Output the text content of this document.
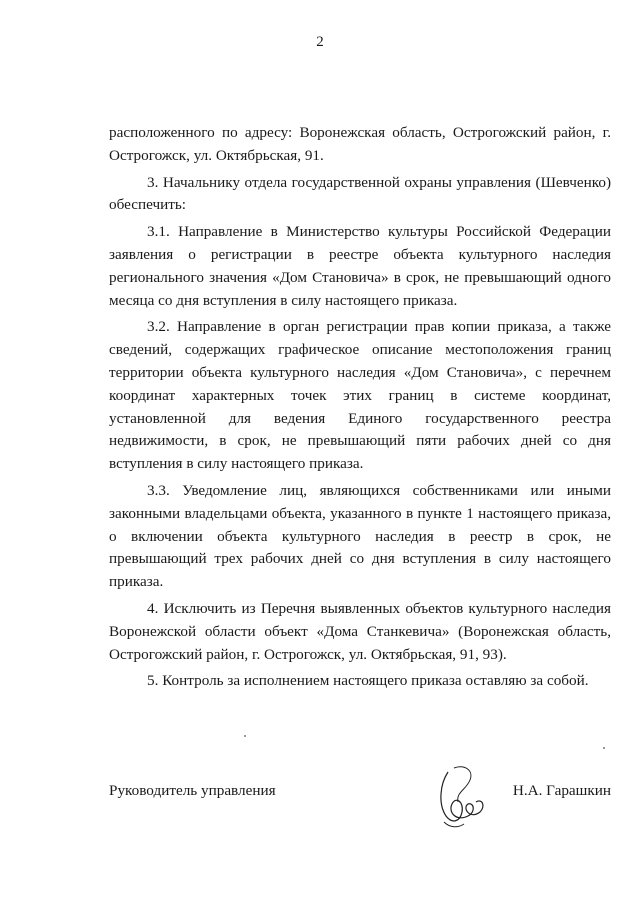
2

расположенного по адресу: Воронежская область, Острогожский район, г. Острогожск, ул. Октябрьская, 91.

3. Начальнику отдела государственной охраны управления (Шевченко) обеспечить:

3.1. Направление в Министерство культуры Российской Федерации заявления о регистрации в реестре объекта культурного наследия регионального значения «Дом Становича» в срок, не превышающий одного месяца со дня вступления в силу настоящего приказа.

3.2. Направление в орган регистрации прав копии приказа, а также сведений, содержащих графическое описание местоположения границ территории объекта культурного наследия «Дом Становича», с перечнем координат характерных точек этих границ в системе координат, установленной для ведения Единого государственного реестра недвижимости, в срок, не превышающий пяти рабочих дней со дня вступления в силу настоящего приказа.

3.3. Уведомление лиц, являющихся собственниками или иными законными владельцами объекта, указанного в пункте 1 настоящего приказа, о включении объекта культурного наследия в реестр в срок, не превышающий трех рабочих дней со дня вступления в силу настоящего приказа.

4. Исключить из Перечня выявленных объектов культурного наследия Воронежской области объект «Дома Станкевича» (Воронежская область, Острогожский район, г. Острогожск, ул. Октябрьская, 91, 93).

5. Контроль за исполнением настоящего приказа оставляю за собой.

Руководитель управления	Н.А. Гарашкин
